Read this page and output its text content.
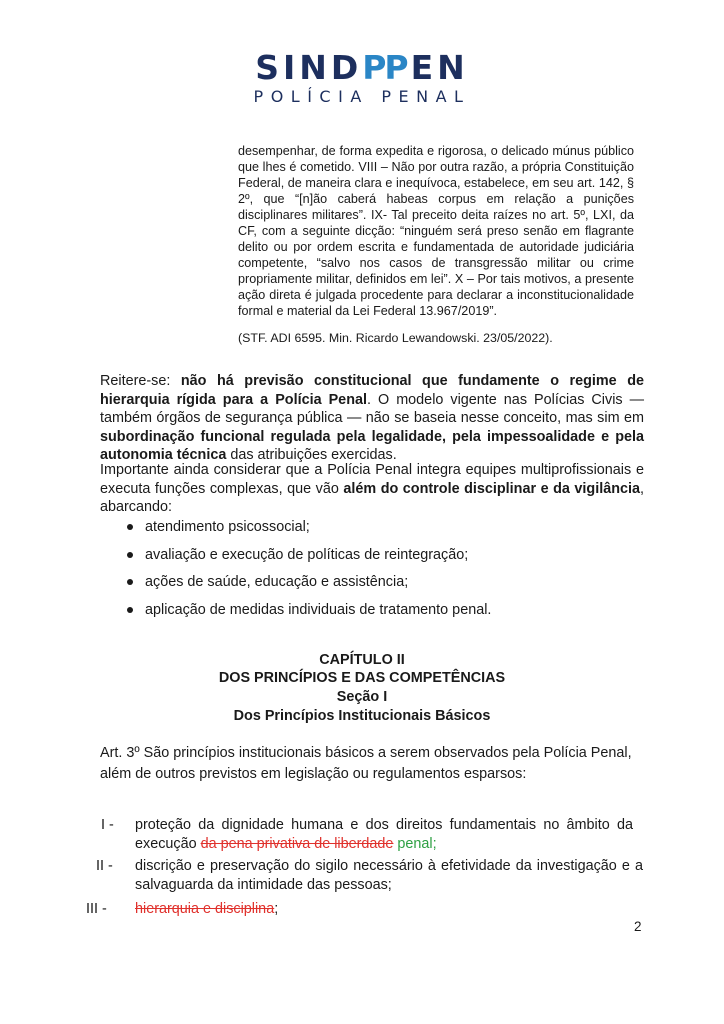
SINDPP EN
POLÍCIA PENAL

desempenhar, de forma expedita e rigorosa, o delicado múnus público que lhes é cometido. VIII – Não por outra razão, a própria Constituição Federal, de maneira clara e inequívoca, estabelece, em seu art. 142, § 2º, que “[n]ão caberá habeas corpus em relação a punições disciplinares militares”. IX- Tal preceito deita raízes no art. 5º, LXI, da CF, com a seguinte dicção: “ninguém será preso senão em flagrante delito ou por ordem escrita e fundamentada de autoridade judiciária competente, “salvo nos casos de transgressão militar ou crime propriamente militar, definidos em lei”. X – Por tais motivos, a presente ação direta é julgada procedente para declarar a inconstitucionalidade formal e material da Lei Federal 13.967/2019”.

(STF. ADI 6595. Min. Ricardo Lewandowski. 23/05/2022).

Reitere-se: não há previsão constitucional que fundamente o regime de hierarquia rígida para a Polícia Penal. O modelo vigente nas Polícias Civis — também órgãos de segurança pública — não se baseia nesse conceito, mas sim em subordinação funcional regulada pela legalidade, pela impessoalidade e pela autonomia técnica das atribuições exercidas.

Importante ainda considerar que a Polícia Penal integra equipes multiprofissionais e executa funções complexas, que vão além do controle disciplinar e da vigilância, abarcando:

atendimento psicossocial;
avaliação e execução de políticas de reintegração;
ações de saúde, educação e assistência;
aplicação de medidas individuais de tratamento penal.
CAPÍTULO II
DOS PRINCÍPIOS E DAS COMPETÊNCIAS
Seção I
Dos Princípios Institucionais Básicos

Art. 3º São princípios institucionais básicos a serem observados pela Polícia Penal, além de outros previstos em legislação ou regulamentos esparsos:

I - proteção da dignidade humana e dos direitos fundamentais no âmbito da execução da pena privativa de liberdade penal;

II - discrição e preservação do sigilo necessário à efetividade da investigação e a salvaguarda da intimidade das pessoas;

III - hierarquia e disciplina;

2
